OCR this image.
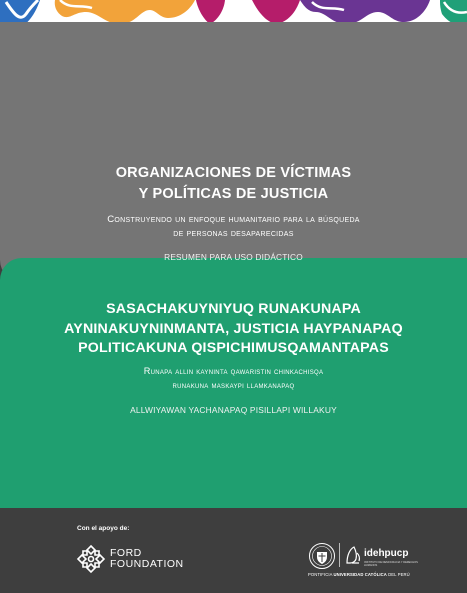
ORGANIZACIONES DE VÍCTIMAS
Y POLÍTICAS DE JUSTICIA
Construyendo un enfoque humanitario para la búsqueda
de personas desaparecidas
RESUMEN PARA USO DIDÁCTICO
SASACHAKUYNIYUQ RUNAKUNAPA
AYNINAKUYNINMANTA, JUSTICIA HAYPANAPAQ
POLITICAKUNA QISPICHIMUSQAMANTAPAS
Runapa allin kayninta qawaristin chinkachisqa
runakuna maskaypi llamkanapaq
ALLWIYAWAN YACHANAPAQ PISILLAPI WILLAKUY
Con el apoyo de:
FORD
FOUNDATION
idehpucp
INSTITUTO DE DEMOCRACIA Y DERECHOS HUMANOS
PONTIFICIA UNIVERSIDAD CATÓLICA DEL PERÚ
